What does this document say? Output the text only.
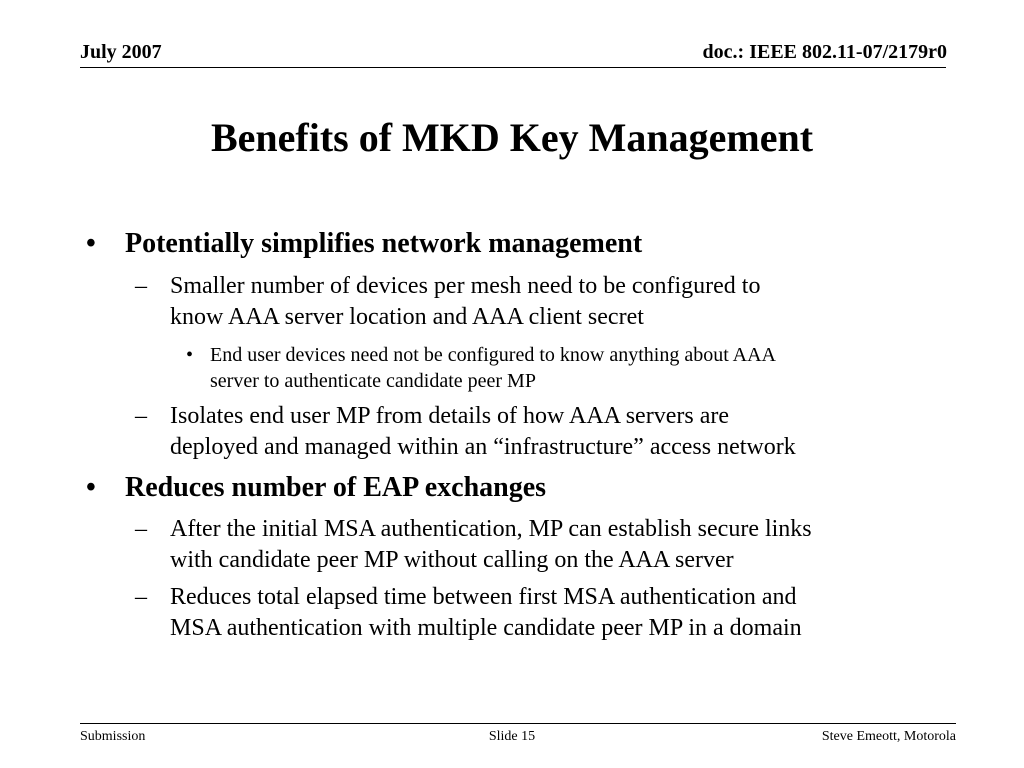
July 2007	doc.: IEEE 802.11-07/2179r0

Benefits of MKD Key Management
• Potentially simplifies network management

– Smaller number of devices per mesh need to be configured to

know AAA server location and AAA client secret

• End user devices need not be configured to know anything about AAA

server to authenticate candidate peer MP

– Isolates end user MP from details of how AAA servers are

deployed and managed within an “infrastructure” access network

• Reduces number of EAP exchanges

– After the initial MSA authentication, MP can establish secure links

with candidate peer MP without calling on the AAA server

– Reduces total elapsed time between first MSA authentication and

MSA authentication with multiple candidate peer MP in a domain

Submission	Slide 15	Steve Emeott, Motorola
